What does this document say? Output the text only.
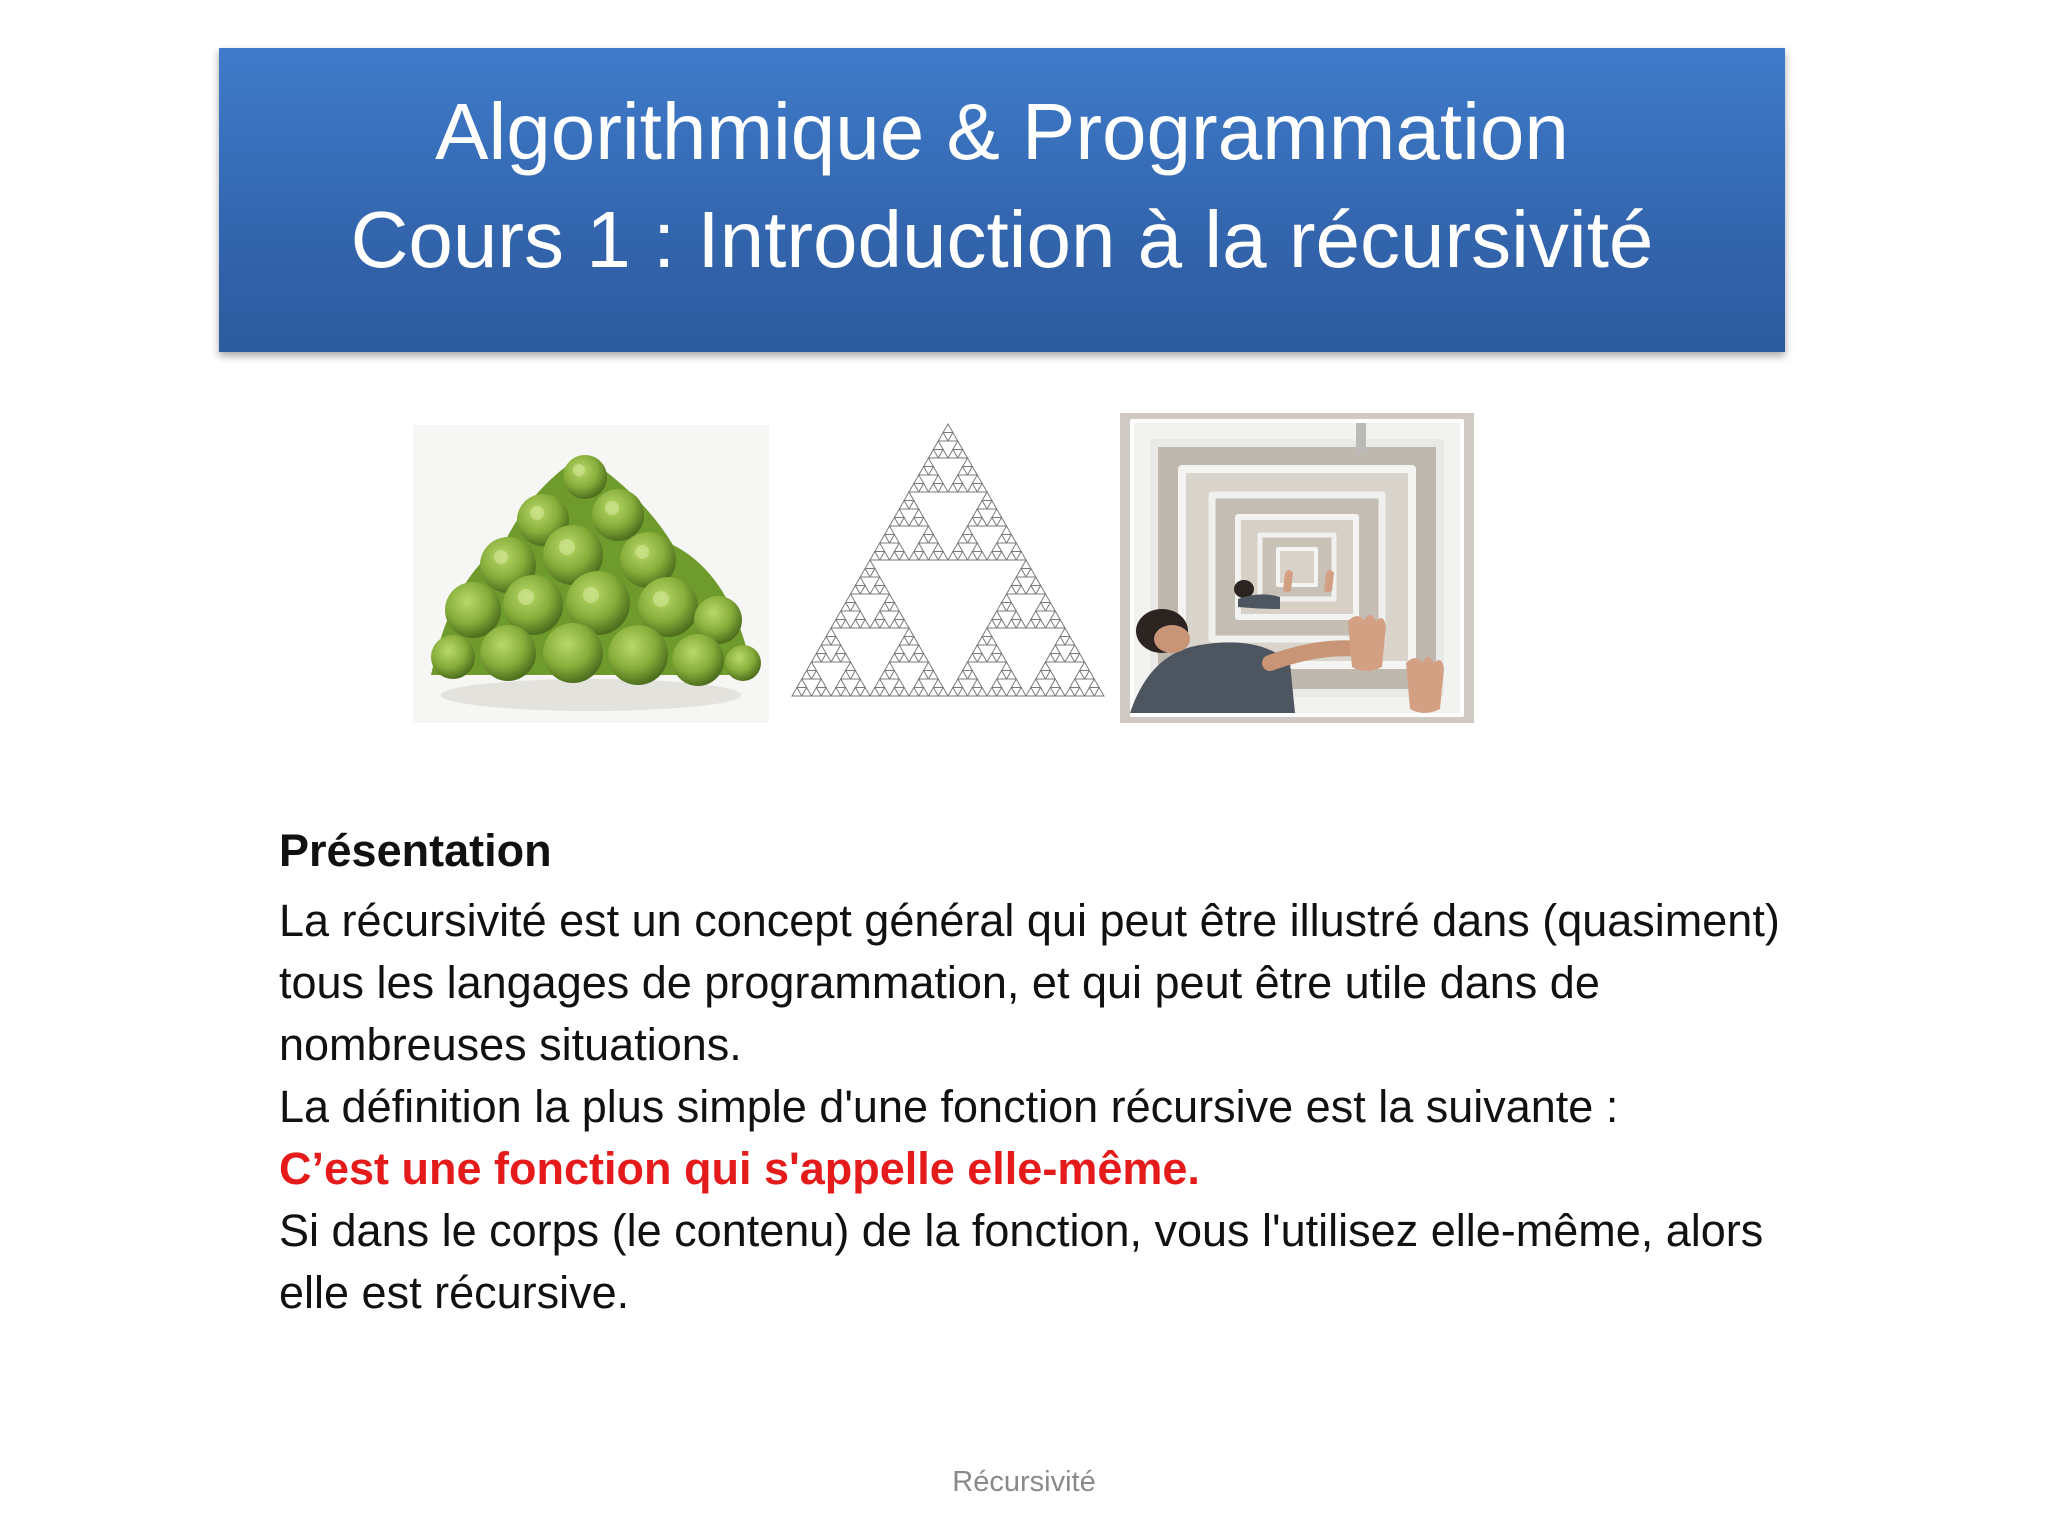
Algorithmique & Programmation
Cours 1 : Introduction à la récursivité
Présentation

La récursivité est un concept général qui peut être illustré dans (quasiment) tous les langages de programmation, et qui peut être utile dans de nombreuses situations.

La définition la plus simple d'une fonction récursive est la suivante :

C’est une fonction qui s'appelle elle-même.

Si dans le corps (le contenu) de la fonction, vous l'utilisez elle-même, alors elle est récursive.

Récursivité
